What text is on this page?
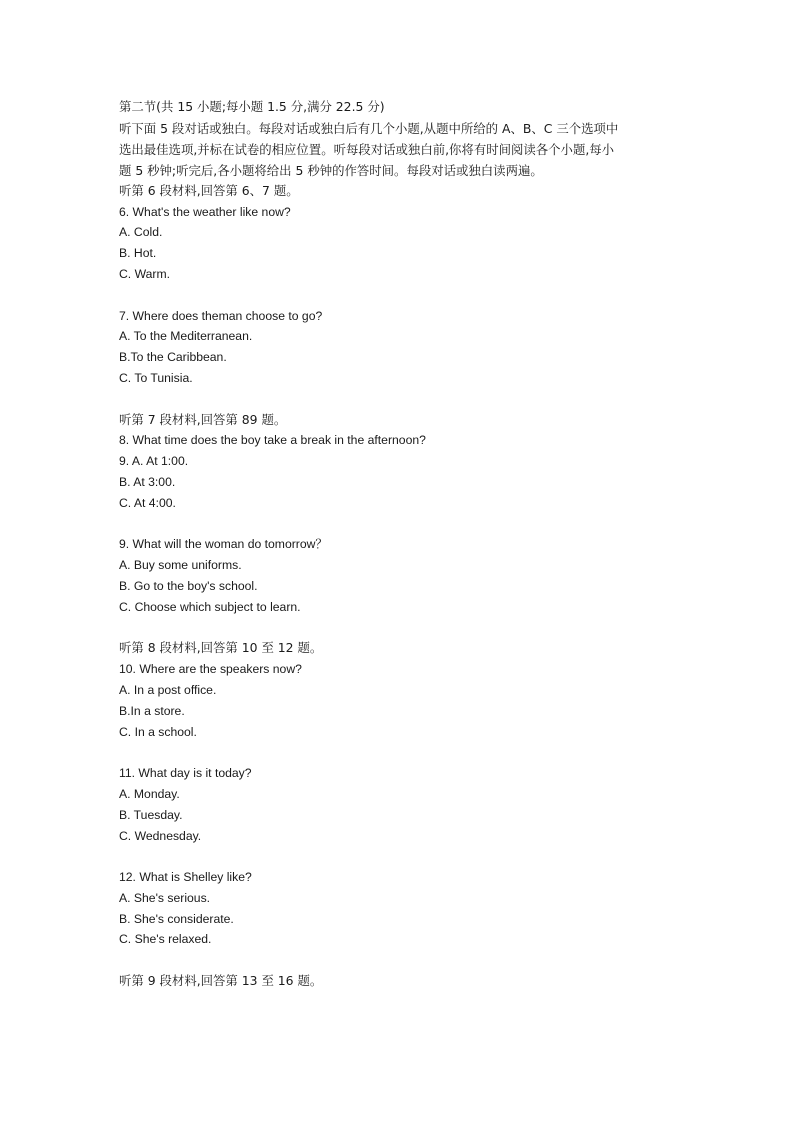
第二节(共 15 小题;每小题 1.5 分,满分 22.5 分)

听下面 5 段对话或独白。每段对话或独白后有几个小题,从题中所给的 A、B、C 三个选项中

选出最佳选项,并标在试卷的相应位置。听每段对话或独白前,你将有时间阅读各个小题,每小

题 5 秒钟;听完后,各小题将给出 5 秒钟的作答时间。每段对话或独白读两遍。

听第 6 段材料,回答第 6、7 题。

6. What's the weather like now?

A. Cold.

B. Hot.

C. Warm.

7. Where does theman choose to go?

A. To the Mediterranean.

B.To the Caribbean.

C. To Tunisia.

听第 7 段材料,回答第 89 题。

8. What time does the boy take a break in the afternoon?

9. A. At 1:00.

B. At 3:00.

C. At 4:00.

9. What will the woman do tomorrow？

A. Buy some uniforms.

B. Go to the boy's school.

C. Choose which subject to learn.

听第 8 段材料,回答第 10 至 12 题。

10. Where are the speakers now?

A. In a post office.

B.In a store.

C. In a school.

11. What day is it today?

A. Monday.

B. Tuesday.

C. Wednesday.

12. What is Shelley like?

A. She's serious.

B. She's considerate.

C. She's relaxed.

听第 9 段材料,回答第 13 至 16 题。
